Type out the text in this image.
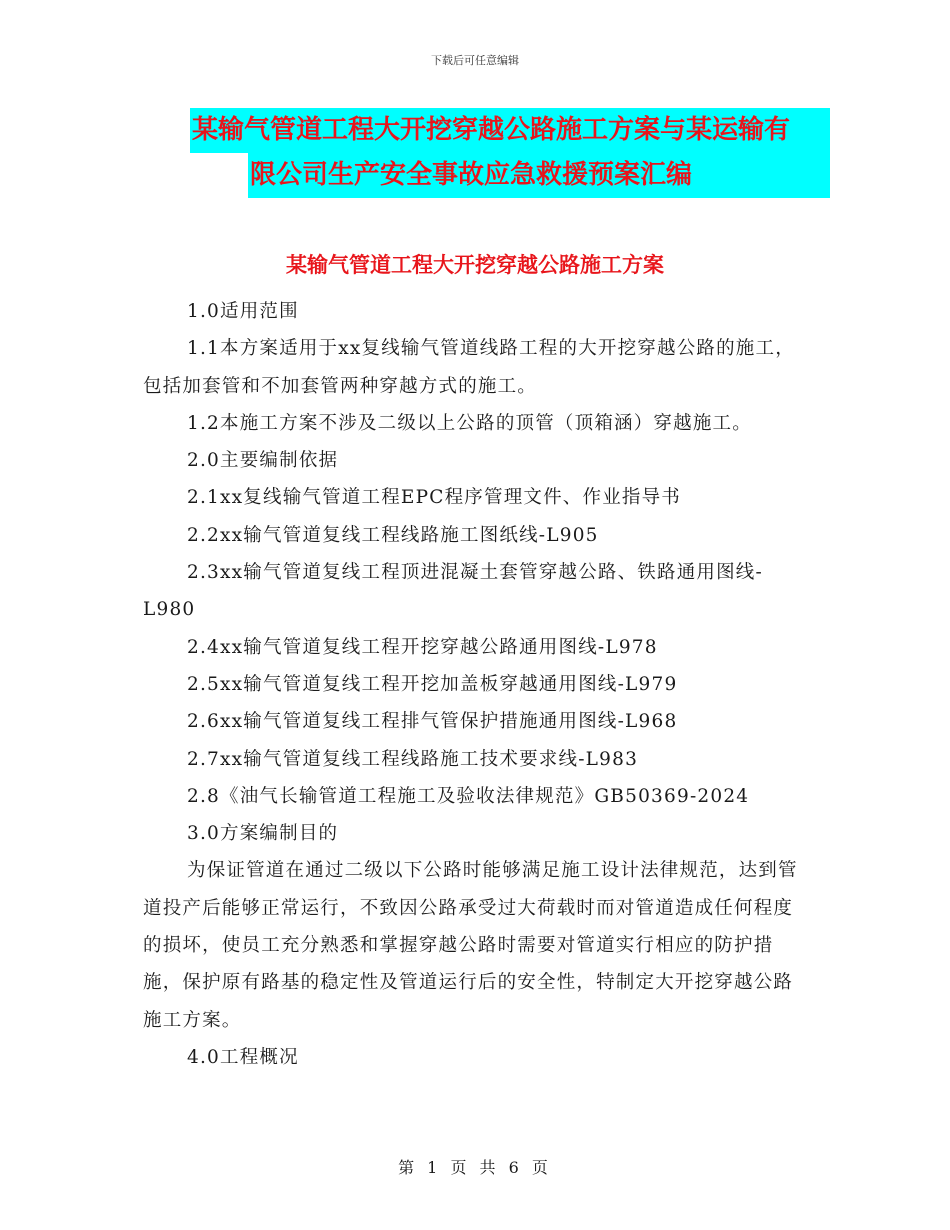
下载后可任意编辑
某输气管道工程大开挖穿越公路施工方案与某运输有
限公司生产安全事故应急救援预案汇编
某输气管道工程大开挖穿越公路施工方案

1.0适用范围

1.1本方案适用于xx复线输气管道线路工程的大开挖穿越公路的施工，包括加套管和不加套管两种穿越方式的施工。

1.2本施工方案不涉及二级以上公路的顶管（顶箱涵）穿越施工。

2.0主要编制依据

2.1xx复线输气管道工程EPC程序管理文件、作业指导书

2.2xx输气管道复线工程线路施工图纸线-L905

2.3xx输气管道复线工程顶进混凝土套管穿越公路、铁路通用图线-L980

2.4xx输气管道复线工程开挖穿越公路通用图线-L978

2.5xx输气管道复线工程开挖加盖板穿越通用图线-L979

2.6xx输气管道复线工程排气管保护措施通用图线-L968

2.7xx输气管道复线工程线路施工技术要求线-L983

2.8《油气长输管道工程施工及验收法律规范》GB50369-2024

3.0方案编制目的

为保证管道在通过二级以下公路时能够满足施工设计法律规范，达到管道投产后能够正常运行，不致因公路承受过大荷载时而对管道造成任何程度的损坏，使员工充分熟悉和掌握穿越公路时需要对管道实行相应的防护措施，保护原有路基的稳定性及管道运行后的安全性，特制定大开挖穿越公路施工方案。

4.0工程概况

第 1 页 共 6 页
